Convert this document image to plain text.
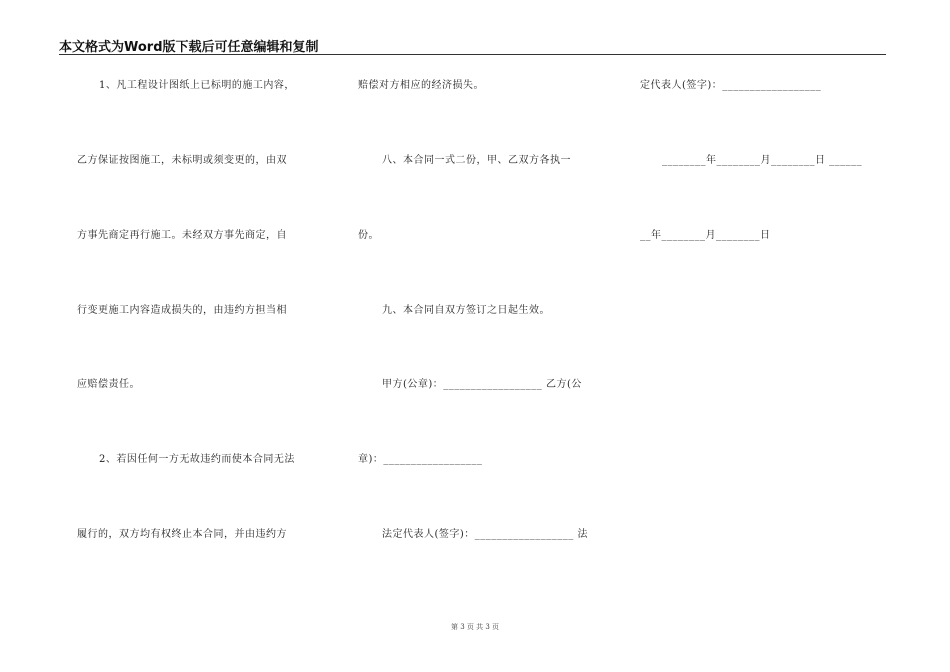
本文格式为Word版下载后可任意编辑和复制
1、凡工程设计图纸上已标明的施工内容，
乙方保证按图施工，未标明或须变更的，由双
方事先商定再行施工。未经双方事先商定，自
行变更施工内容造成损失的，由违约方担当相
应赔偿责任。
2、若因任何一方无故违约而使本合同无法
履行的，双方均有权终止本合同，并由违约方
赔偿对方相应的经济损失。
八、本合同一式二份，甲、乙双方各执一
份。
九、本合同自双方签订之日起生效。
甲方(公章)：__________________ 乙方(公
章)：__________________
法定代表人(签字)：__________________ 法
定代表人(签字)：__________________
________年________月________日 ______
__年________月________日
第 3 页 共 3 页
